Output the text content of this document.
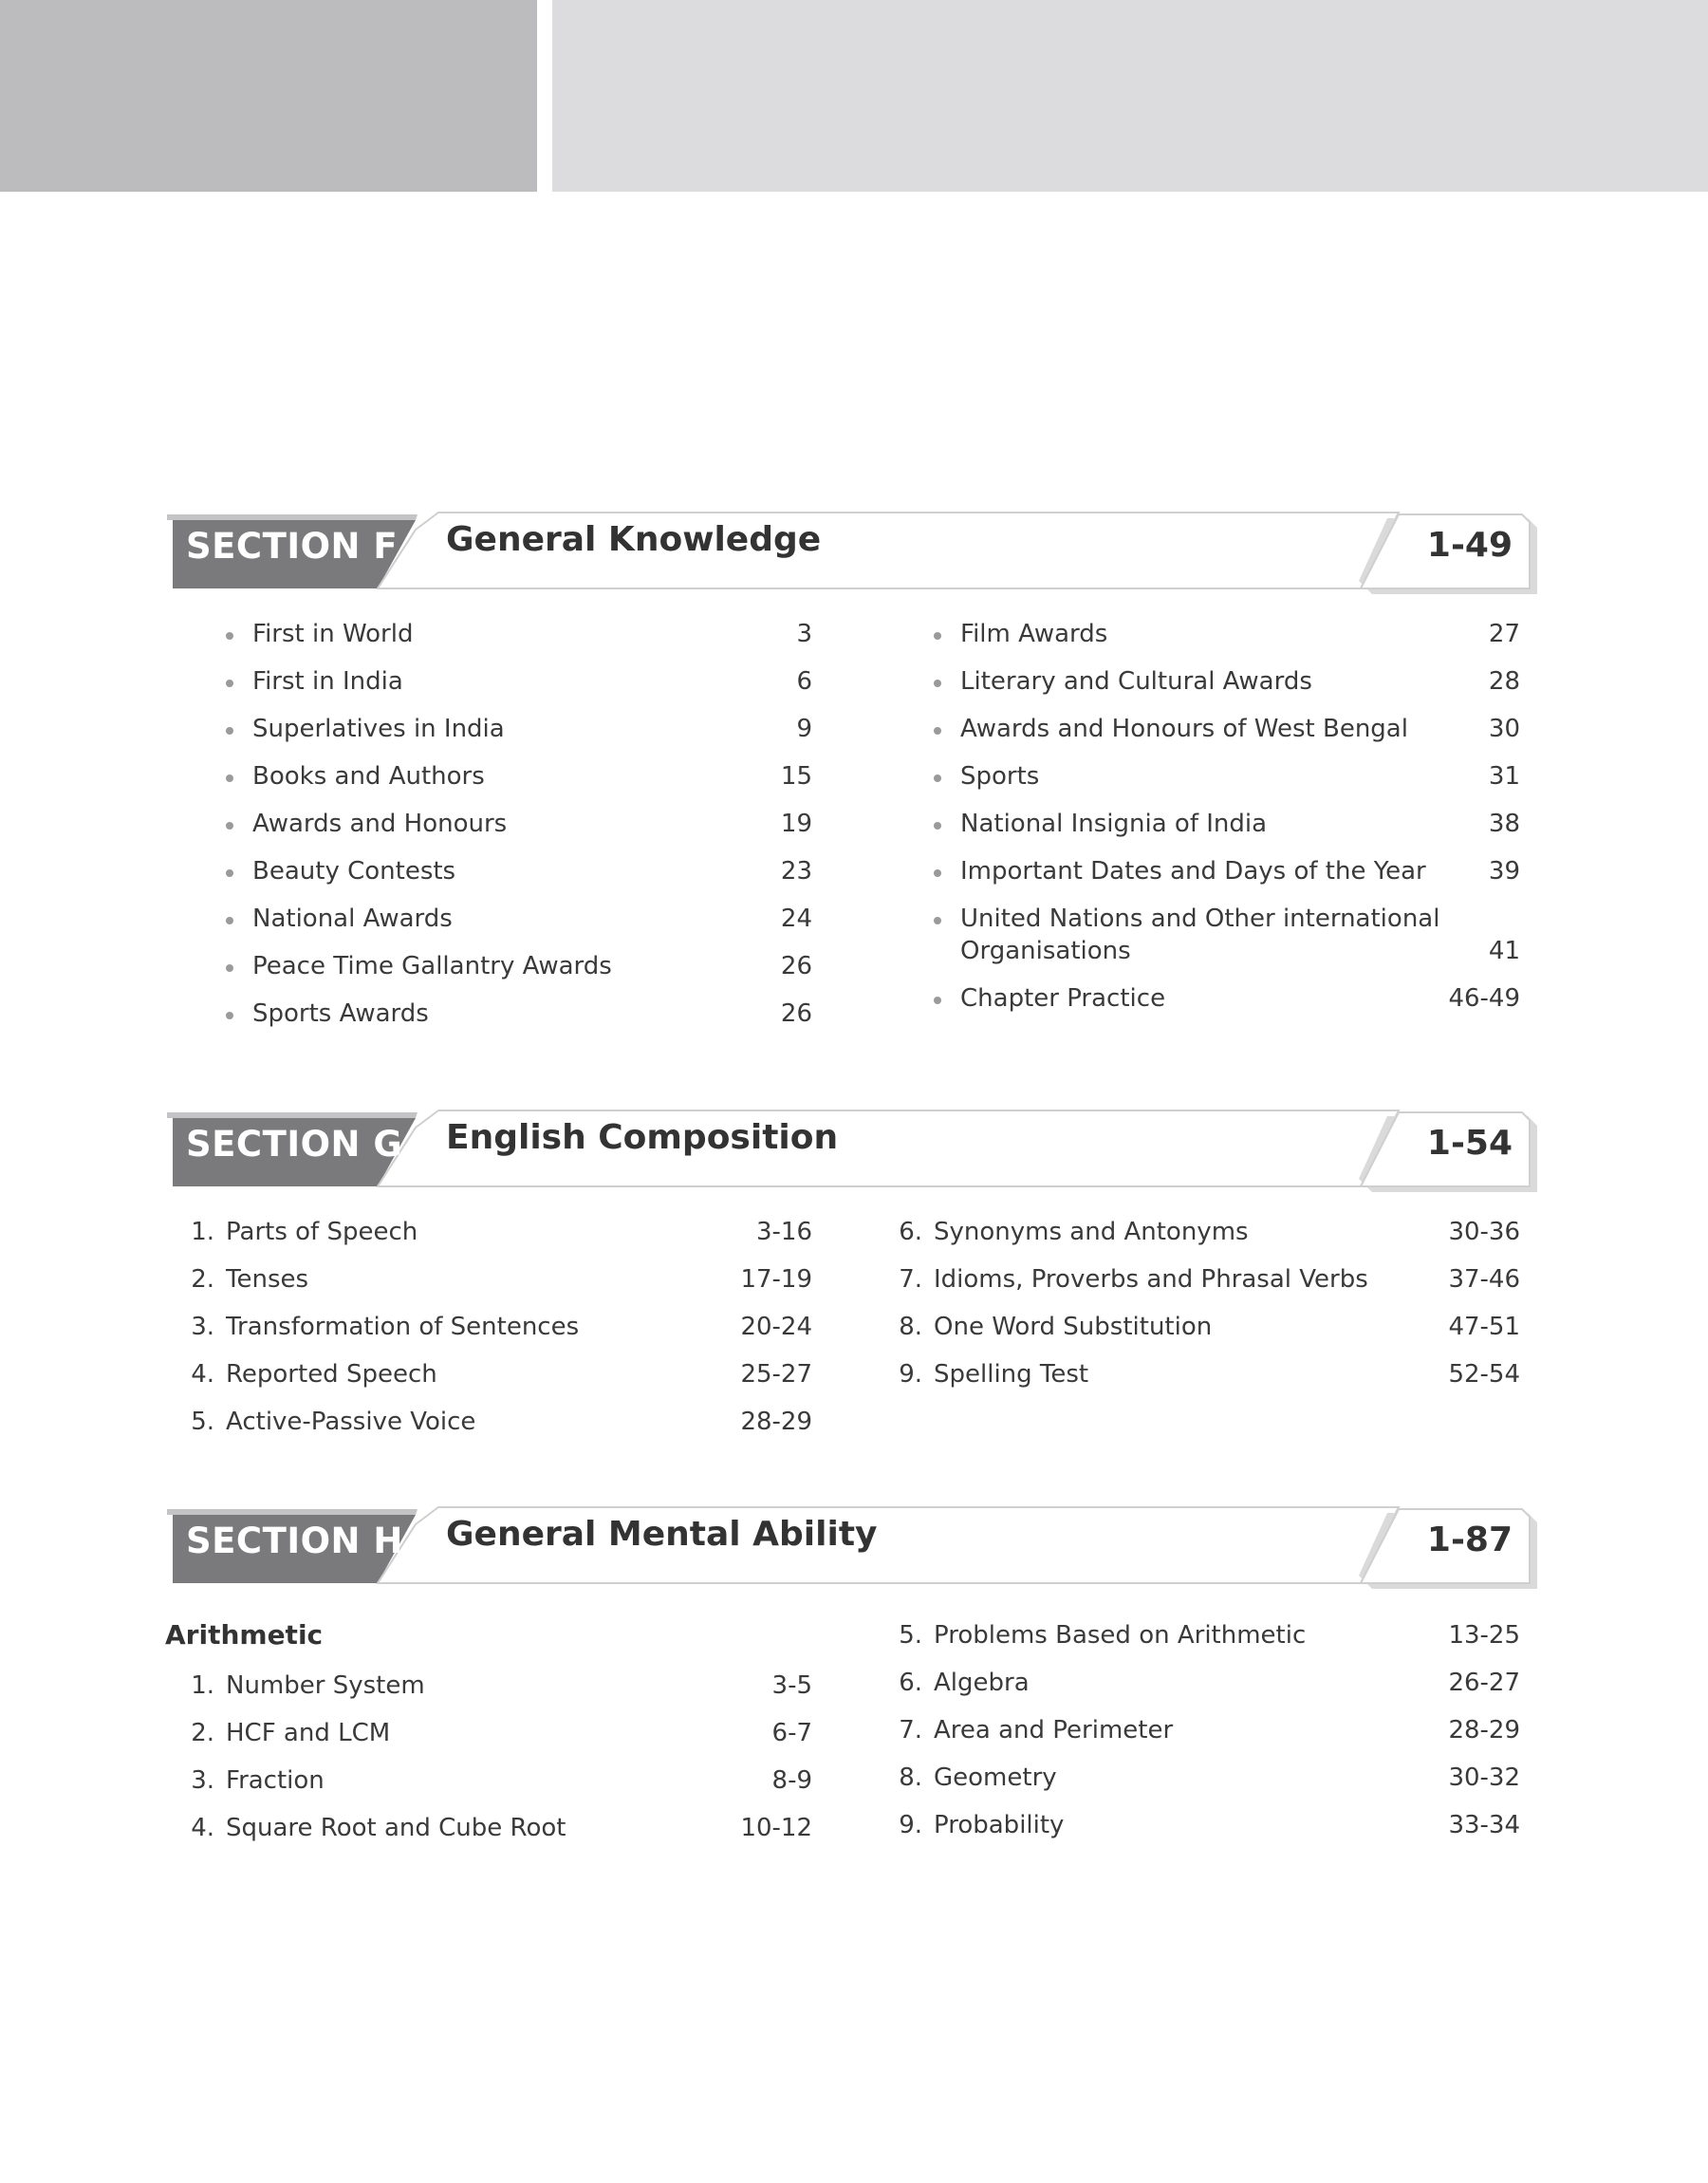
SECTION F General Knowledge	1-49
First in World	3
First in India	6
Superlatives in India	9
Books and Authors	15
Awards and Honours	19
Beauty Contests	23
National Awards	24
Peace Time Gallantry Awards	26
Sports Awards	26
Film Awards	27
Literary and Cultural Awards	28
Awards and Honours of West Bengal	30
Sports	31
National Insignia of India	38
Important Dates and Days of the Year	39
United Nations and Other international
Organisations	41
Chapter Practice	46-49
SECTION G English Composition	1-54
1. Parts of Speech	3-16
2. Tenses	17-19
3. Transformation of Sentences	20-24
4. Reported Speech	25-27
5. Active-Passive Voice	28-29
6. Synonyms and Antonyms	30-36
7. Idioms, Proverbs and Phrasal Verbs	37-46
8. One Word Substitution	47-51
9. Spelling Test	52-54
SECTION H General Mental Ability	1-87
Arithmetic
1. Number System	3-5
2. HCF and LCM	6-7
3. Fraction	8-9
4. Square Root and Cube Root	10-12
5. Problems Based on Arithmetic	13-25
6. Algebra	26-27
7. Area and Perimeter	28-29
8. Geometry	30-32
9. Probability	33-34
